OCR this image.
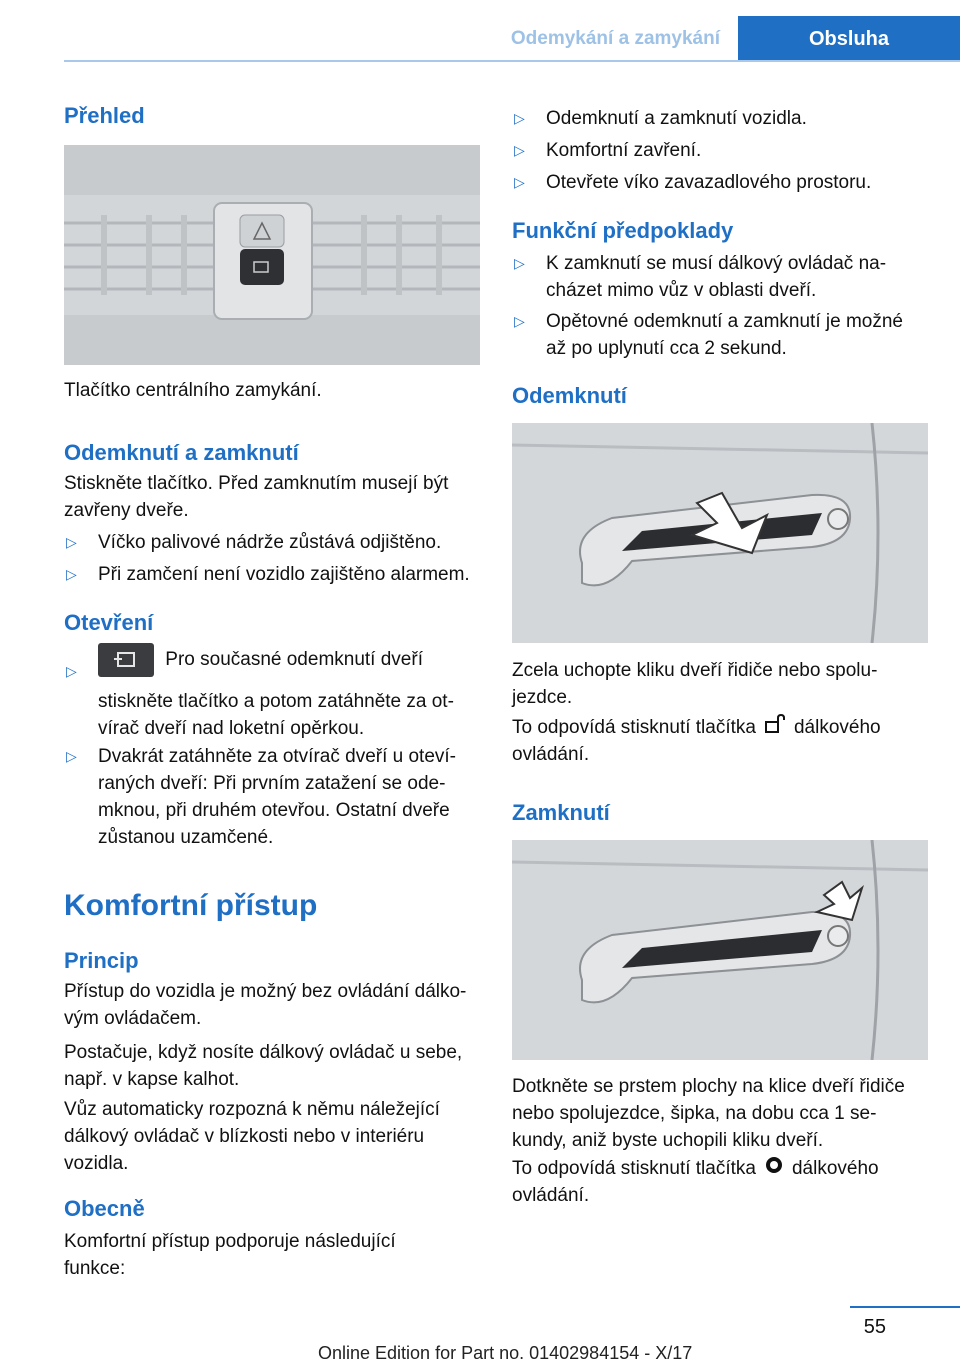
Odemykání a zamykání	Obsluha
Přehled
Tlačítko centrálního zamykání.
Odemknutí a zamknutí
Stiskněte tlačítko. Před zamknutím musejí být
zavřeny dveře.
▷ Víčko palivové nádrže zůstává odjištěno.
▷ Při zamčení není vozidlo zajištěno alarmem.
Otevření
▷
Pro současné odemknutí dveří
stiskněte tlačítko a potom zatáhněte za ot‐
vírač dveří nad loketní opěrkou.
▷ Dvakrát zatáhněte za otvírač dveří u oteví‐
raných dveří: Při prvním zatažení se ode‐
mknou, při druhém otevřou. Ostatní dveře
zůstanou uzamčené.
Komfortní přístup
Princip
Přístup do vozidla je možný bez ovládání dálko‐
vým ovládačem.
Postačuje, když nosíte dálkový ovládač u sebe,
např. v kapse kalhot.
Vůz automaticky rozpozná k němu náležející
dálkový ovládač v blízkosti nebo v interiéru
vozidla.
Obecně
Komfortní přístup podporuje následující
funkce:
▷ Odemknutí a zamknutí vozidla.
▷ Komfortní zavření.
▷ Otevřete víko zavazadlového prostoru.
Funkční předpoklady
▷ K zamknutí se musí dálkový ovládač na‐
cházet mimo vůz v oblasti dveří.
▷ Opětovné odemknutí a zamknutí je možné
až po uplynutí cca 2 sekund.
Odemknutí
Zcela uchopte kliku dveří řidiče nebo spolu‐
jezdce.
To odpovídá stisknutí tlačítka dálkového
ovládání.
Zamknutí
Dotkněte se prstem plochy na klice dveří řidiče
nebo spolujezdce, šipka, na dobu cca 1 se‐
kundy, aniž byste uchopili kliku dveří.
To odpovídá stisknutí tlačítka dálkového
ovládání.
55
Online Edition for Part no. 01402984154 - X/17
